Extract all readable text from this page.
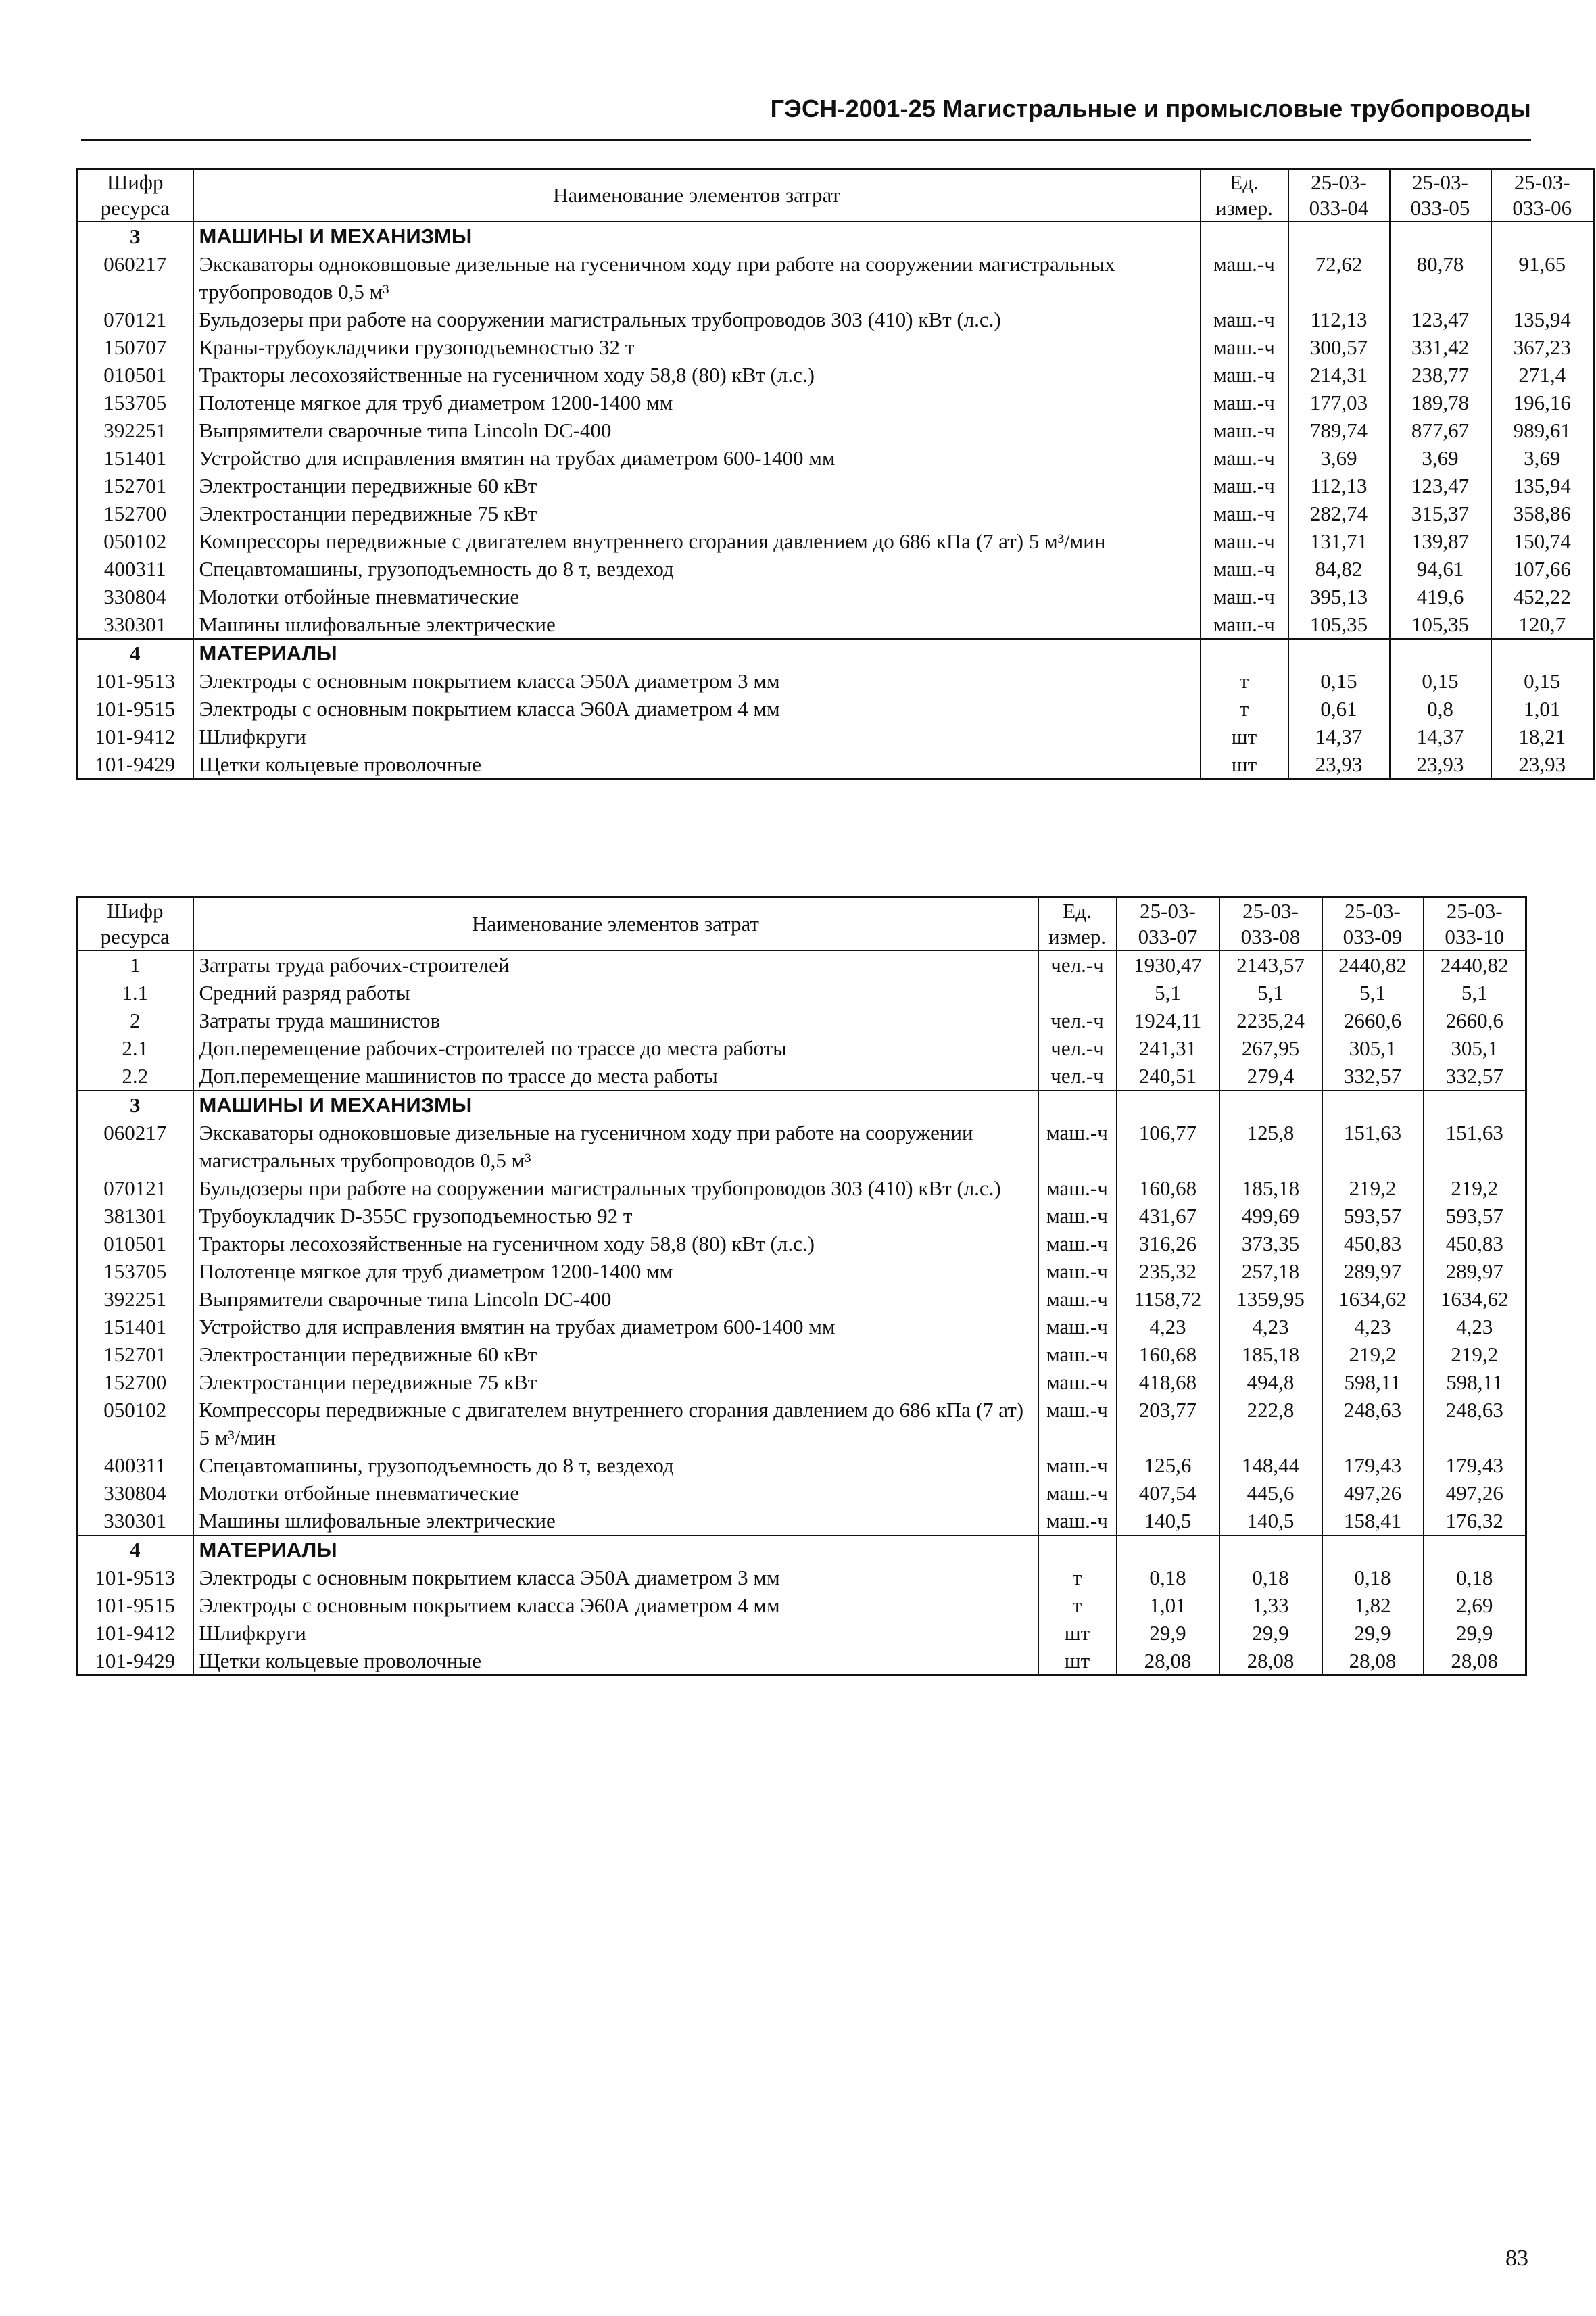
ГЭСН-2001-25 Магистральные и промысловые трубопроводы
Шифр ресурса	Наименование элементов затрат	Ед. измер.	25-03-033-04	25-03-033-05	25-03-033-06
3	МАШИНЫ И МЕХАНИЗМЫ				
060217	Экскаваторы одноковшовые дизельные на гусеничном ходу при работе на сооружении магистральных трубопроводов 0,5 м³	маш.-ч	72,62	80,78	91,65
070121	Бульдозеры при работе на сооружении магистральных трубопроводов 303 (410) кВт (л.с.)	маш.-ч	112,13	123,47	135,94
150707	Краны-трубоукладчики грузоподъемностью 32 т	маш.-ч	300,57	331,42	367,23
010501	Тракторы лесохозяйственные на гусеничном ходу 58,8 (80) кВт (л.с.)	маш.-ч	214,31	238,77	271,4
153705	Полотенце мягкое для труб диаметром 1200-1400 мм	маш.-ч	177,03	189,78	196,16
392251	Выпрямители сварочные типа Lincoln DC-400	маш.-ч	789,74	877,67	989,61
151401	Устройство для исправления вмятин на трубах диаметром 600-1400 мм	маш.-ч	3,69	3,69	3,69
152701	Электростанции передвижные 60 кВт	маш.-ч	112,13	123,47	135,94
152700	Электростанции передвижные 75 кВт	маш.-ч	282,74	315,37	358,86
050102	Компрессоры передвижные с двигателем внутреннего сгорания давлением до 686 кПа (7 ат) 5 м³/мин	маш.-ч	131,71	139,87	150,74
400311	Спецавтомашины, грузоподъемность до 8 т, вездеход	маш.-ч	84,82	94,61	107,66
330804	Молотки отбойные пневматические	маш.-ч	395,13	419,6	452,22
330301	Машины шлифовальные электрические	маш.-ч	105,35	105,35	120,7
4	МАТЕРИАЛЫ				
101-9513	Электроды с основным покрытием класса Э50А диаметром 3 мм	т	0,15	0,15	0,15
101-9515	Электроды с основным покрытием класса Э60А диаметром 4 мм	т	0,61	0,8	1,01
101-9412	Шлифкруги	шт	14,37	14,37	18,21
101-9429	Щетки кольцевые проволочные	шт	23,93	23,93	23,93
Шифр ресурса	Наименование элементов затрат	Ед. измер.	25-03-033-07	25-03-033-08	25-03-033-09	25-03-033-10
1	Затраты труда рабочих-строителей	чел.-ч	1930,47	2143,57	2440,82	2440,82
1.1	Средний разряд работы		5,1	5,1	5,1	5,1
2	Затраты труда машинистов	чел.-ч	1924,11	2235,24	2660,6	2660,6
2.1	Доп.перемещение рабочих-строителей по трассе до места работы	чел.-ч	241,31	267,95	305,1	305,1
2.2	Доп.перемещение машинистов по трассе до места работы	чел.-ч	240,51	279,4	332,57	332,57
3	МАШИНЫ И МЕХАНИЗМЫ					
060217	Экскаваторы одноковшовые дизельные на гусеничном ходу при работе на сооружении магистральных трубопроводов 0,5 м³	маш.-ч	106,77	125,8	151,63	151,63
070121	Бульдозеры при работе на сооружении магистральных трубопроводов 303 (410) кВт (л.с.)	маш.-ч	160,68	185,18	219,2	219,2
381301	Трубоукладчик D-355C грузоподъемностью 92 т	маш.-ч	431,67	499,69	593,57	593,57
010501	Тракторы лесохозяйственные на гусеничном ходу 58,8 (80) кВт (л.с.)	маш.-ч	316,26	373,35	450,83	450,83
153705	Полотенце мягкое для труб диаметром 1200-1400 мм	маш.-ч	235,32	257,18	289,97	289,97
392251	Выпрямители сварочные типа Lincoln DC-400	маш.-ч	1158,72	1359,95	1634,62	1634,62
151401	Устройство для исправления вмятин на трубах диаметром 600-1400 мм	маш.-ч	4,23	4,23	4,23	4,23
152701	Электростанции передвижные 60 кВт	маш.-ч	160,68	185,18	219,2	219,2
152700	Электростанции передвижные 75 кВт	маш.-ч	418,68	494,8	598,11	598,11
050102	Компрессоры передвижные с двигателем внутреннего сгорания давлением до 686 кПа (7 ат) 5 м³/мин	маш.-ч	203,77	222,8	248,63	248,63
400311	Спецавтомашины, грузоподъемность до 8 т, вездеход	маш.-ч	125,6	148,44	179,43	179,43
330804	Молотки отбойные пневматические	маш.-ч	407,54	445,6	497,26	497,26
330301	Машины шлифовальные электрические	маш.-ч	140,5	140,5	158,41	176,32
4	МАТЕРИАЛЫ					
101-9513	Электроды с основным покрытием класса Э50А диаметром 3 мм	т	0,18	0,18	0,18	0,18
101-9515	Электроды с основным покрытием класса Э60А диаметром 4 мм	т	1,01	1,33	1,82	2,69
101-9412	Шлифкруги	шт	29,9	29,9	29,9	29,9
101-9429	Щетки кольцевые проволочные	шт	28,08	28,08	28,08	28,08
83
